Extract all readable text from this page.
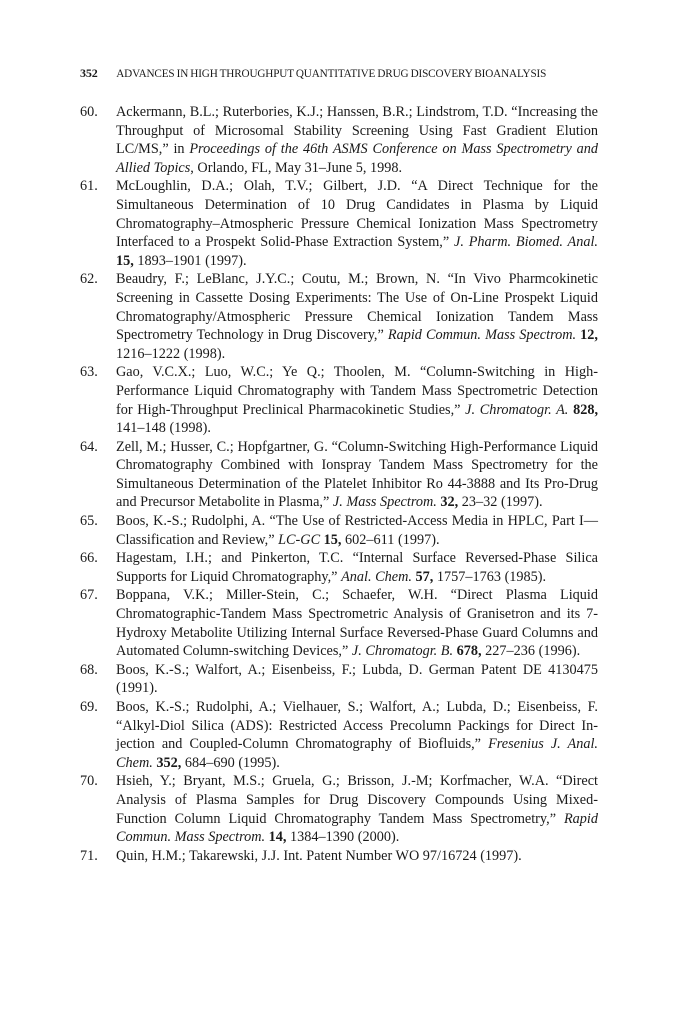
352 ADVANCES IN HIGH THROUGHPUT QUANTITATIVE DRUG DISCOVERY BIOANALYSIS
60.	Ackermann, B.L.; Ruterbories, K.J.; Hanssen, B.R.; Lindstrom, T.D. “Increasing the Throughput of Microsomal Stability Screening Using Fast Gradient Elution LC/MS,” in Proceedings of the 46th ASMS Conference on Mass Spectrometry and Allied Topics, Orlando, FL, May 31–June 5, 1998.
61.	McLoughlin, D.A.; Olah, T.V.; Gilbert, J.D. “A Direct Technique for the Simultaneous Determination of 10 Drug Candidates in Plasma by Liquid Chromatography–Atmospheric Pressure Chemical Ionization Mass Spectrometry Interfaced to a Prospekt Solid-Phase Extraction System,” J. Pharm. Biomed. Anal. 15, 1893–1901 (1997).
62.	Beaudry, F.; LeBlanc, J.Y.C.; Coutu, M.; Brown, N. “In Vivo Pharmcokinetic Screening in Cassette Dosing Experiments: The Use of On-Line Prospekt Liquid Chromatography/Atmospheric Pressure Chemical Ionization Tandem Mass Spectrometry Technology in Drug Discovery,” Rapid Commun. Mass Spectrom. 12, 1216–1222 (1998).
63.	Gao, V.C.X.; Luo, W.C.; Ye Q.; Thoolen, M. “Column-Switching in High-Performance Liquid Chromatography with Tandem Mass Spectrometric Detection for High-Throughput Preclinical Pharmacokinetic Studies,” J. Chromatogr. A. 828, 141–148 (1998).
64.	Zell, M.; Husser, C.; Hopfgartner, G. “Column-Switching High-Performance Liquid Chromatography Combined with Ionspray Tandem Mass Spectrometry for the Simultaneous Determination of the Platelet Inhibitor Ro 44-3888 and Its Pro-Drug and Precursor Metabolite in Plasma,” J. Mass Spectrom. 32, 23–32 (1997).
65.	Boos, K.-S.; Rudolphi, A. “The Use of Restricted-Access Media in HPLC, Part I—Classification and Review,” LC-GC 15, 602–611 (1997).
66.	Hagestam, I.H.; and Pinkerton, T.C. “Internal Surface Reversed-Phase Silica Supports for Liquid Chromatography,” Anal. Chem. 57, 1757–1763 (1985).
67.	Boppana, V.K.; Miller-Stein, C.; Schaefer, W.H. “Direct Plasma Liquid Chromatographic-Tandem Mass Spectrometric Analysis of Granisetron and its 7-Hydroxy Metabolite Utilizing Internal Surface Reversed-Phase Guard Columns and Automated Column-switching Devices,” J. Chromatogr. B. 678, 227–236 (1996).
68.	Boos, K.-S.; Walfort, A.; Eisenbeiss, F.; Lubda, D. German Patent DE 4130475 (1991).
69.	Boos, K.-S.; Rudolphi, A.; Vielhauer, S.; Walfort, A.; Lubda, D.; Eisenbeiss, F. “Alkyl-Diol Silica (ADS): Restricted Access Precolumn Packings for Direct Injection and Coupled-Column Chromatography of Biofluids,” Fresenius J. Anal. Chem. 352, 684–690 (1995).
70.	Hsieh, Y.; Bryant, M.S.; Gruela, G.; Brisson, J.-M; Korfmacher, W.A. “Direct Analysis of Plasma Samples for Drug Discovery Compounds Using Mixed-Function Column Liquid Chromatography Tandem Mass Spectrometry,” Rapid Commun. Mass Spectrom. 14, 1384–1390 (2000).
71.	Quin, H.M.; Takarewski, J.J. Int. Patent Number WO 97/16724 (1997).
